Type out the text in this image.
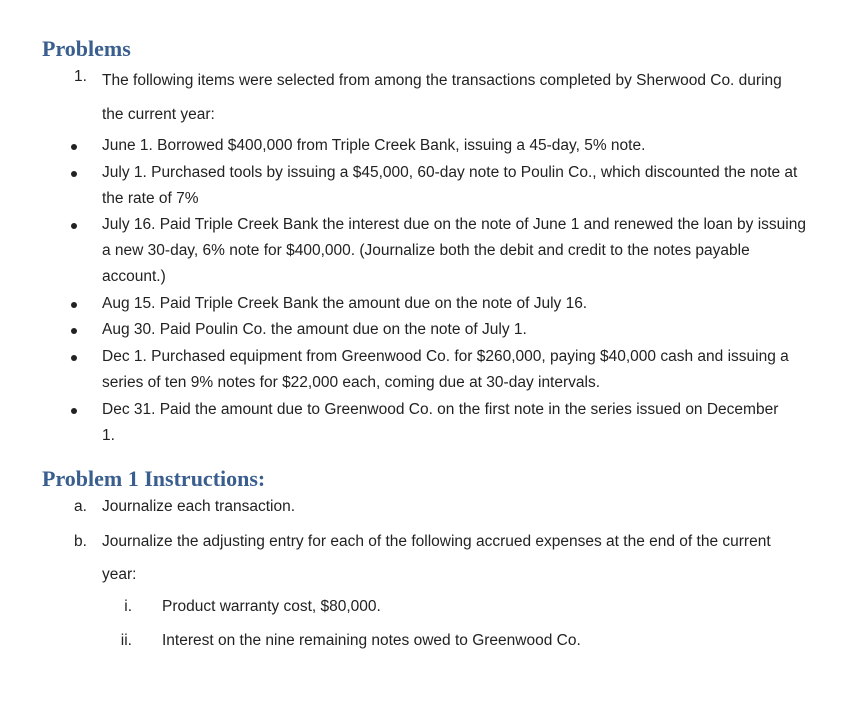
Problems
1. The following items were selected from among the transactions completed by Sherwood Co. during the current year:

June 1. Borrowed $400,000 from Triple Creek Bank, issuing a 45-day, 5% note.

July 1. Purchased tools by issuing a $45,000, 60-day note to Poulin Co., which discounted the note at the rate of 7%

July 16. Paid Triple Creek Bank the interest due on the note of June 1 and renewed the loan by issuing a new 30-day, 6% note for $400,000. (Journalize both the debit and credit to the notes payable account.)

Aug 15. Paid Triple Creek Bank the amount due on the note of July 16.

Aug 30. Paid Poulin Co. the amount due on the note of July 1.

Dec 1. Purchased equipment from Greenwood Co. for $260,000, paying $40,000 cash and issuing a series of ten 9% notes for $22,000 each, coming due at 30-day intervals.

Dec 31. Paid the amount due to Greenwood Co. on the first note in the series issued on December 1.

Problem 1 Instructions:
a. Journalize each transaction.

b. Journalize the adjusting entry for each of the following accrued expenses at the end of the current year:

i. Product warranty cost, $80,000.
ii. Interest on the nine remaining notes owed to Greenwood Co.
